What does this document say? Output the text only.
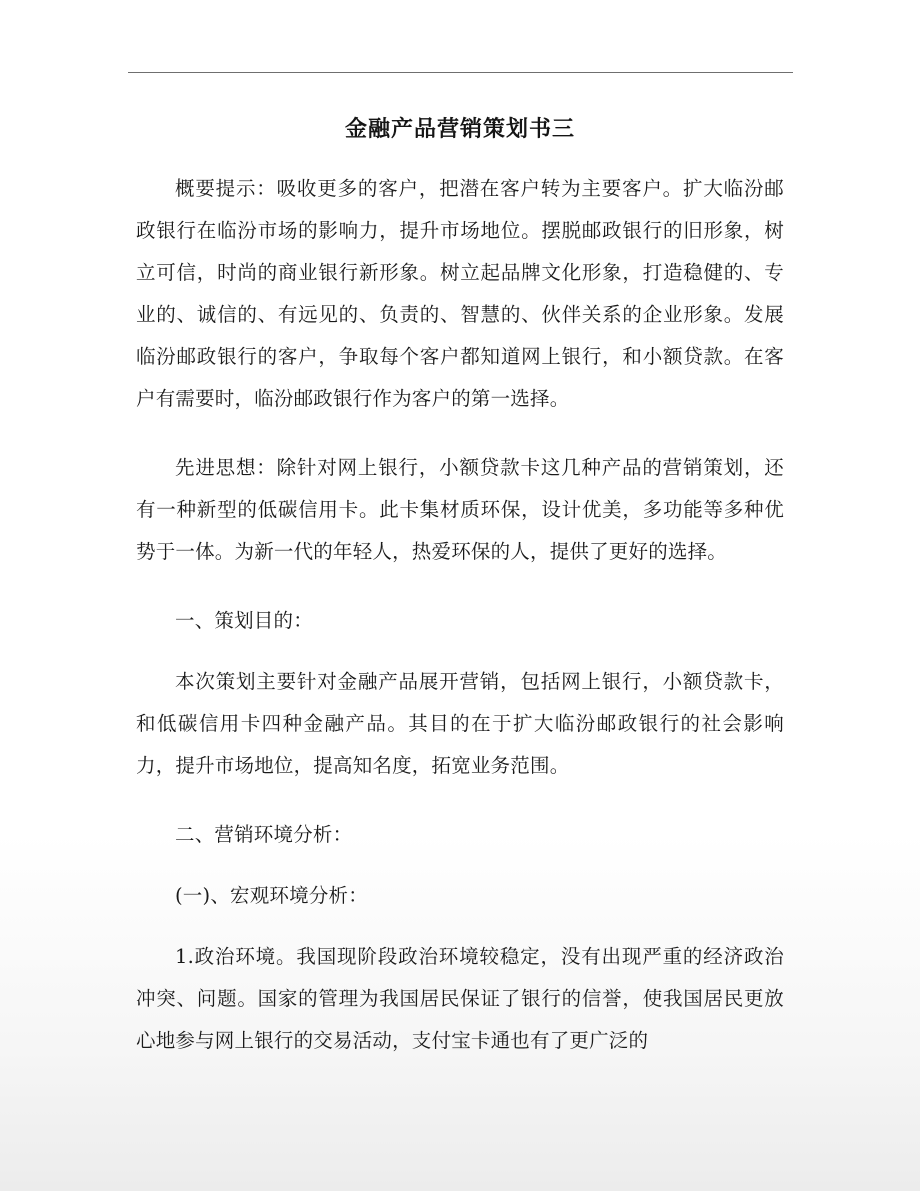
金融产品营销策划书三

概要提示：吸收更多的客户，把潜在客户转为主要客户。扩大临汾邮政银行在临汾市场的影响力，提升市场地位。摆脱邮政银行的旧形象，树立可信，时尚的商业银行新形象。树立起品牌文化形象，打造稳健的、专业的、诚信的、有远见的、负责的、智慧的、伙伴关系的企业形象。发展临汾邮政银行的客户，争取每个客户都知道网上银行，和小额贷款。在客户有需要时，临汾邮政银行作为客户的第一选择。

先进思想：除针对网上银行，小额贷款卡这几种产品的营销策划，还有一种新型的低碳信用卡。此卡集材质环保，设计优美，多功能等多种优势于一体。为新一代的年轻人，热爱环保的人，提供了更好的选择。

一、策划目的：

本次策划主要针对金融产品展开营销，包括网上银行，小额贷款卡，和低碳信用卡四种金融产品。其目的在于扩大临汾邮政银行的社会影响力，提升市场地位，提高知名度，拓宽业务范围。

二、营销环境分析：

(一)、宏观环境分析：

1.政治环境。我国现阶段政治环境较稳定，没有出现严重的经济政治冲突、问题。国家的管理为我国居民保证了银行的信誉，使我国居民更放心地参与网上银行的交易活动，支付宝卡通也有了更广泛的
